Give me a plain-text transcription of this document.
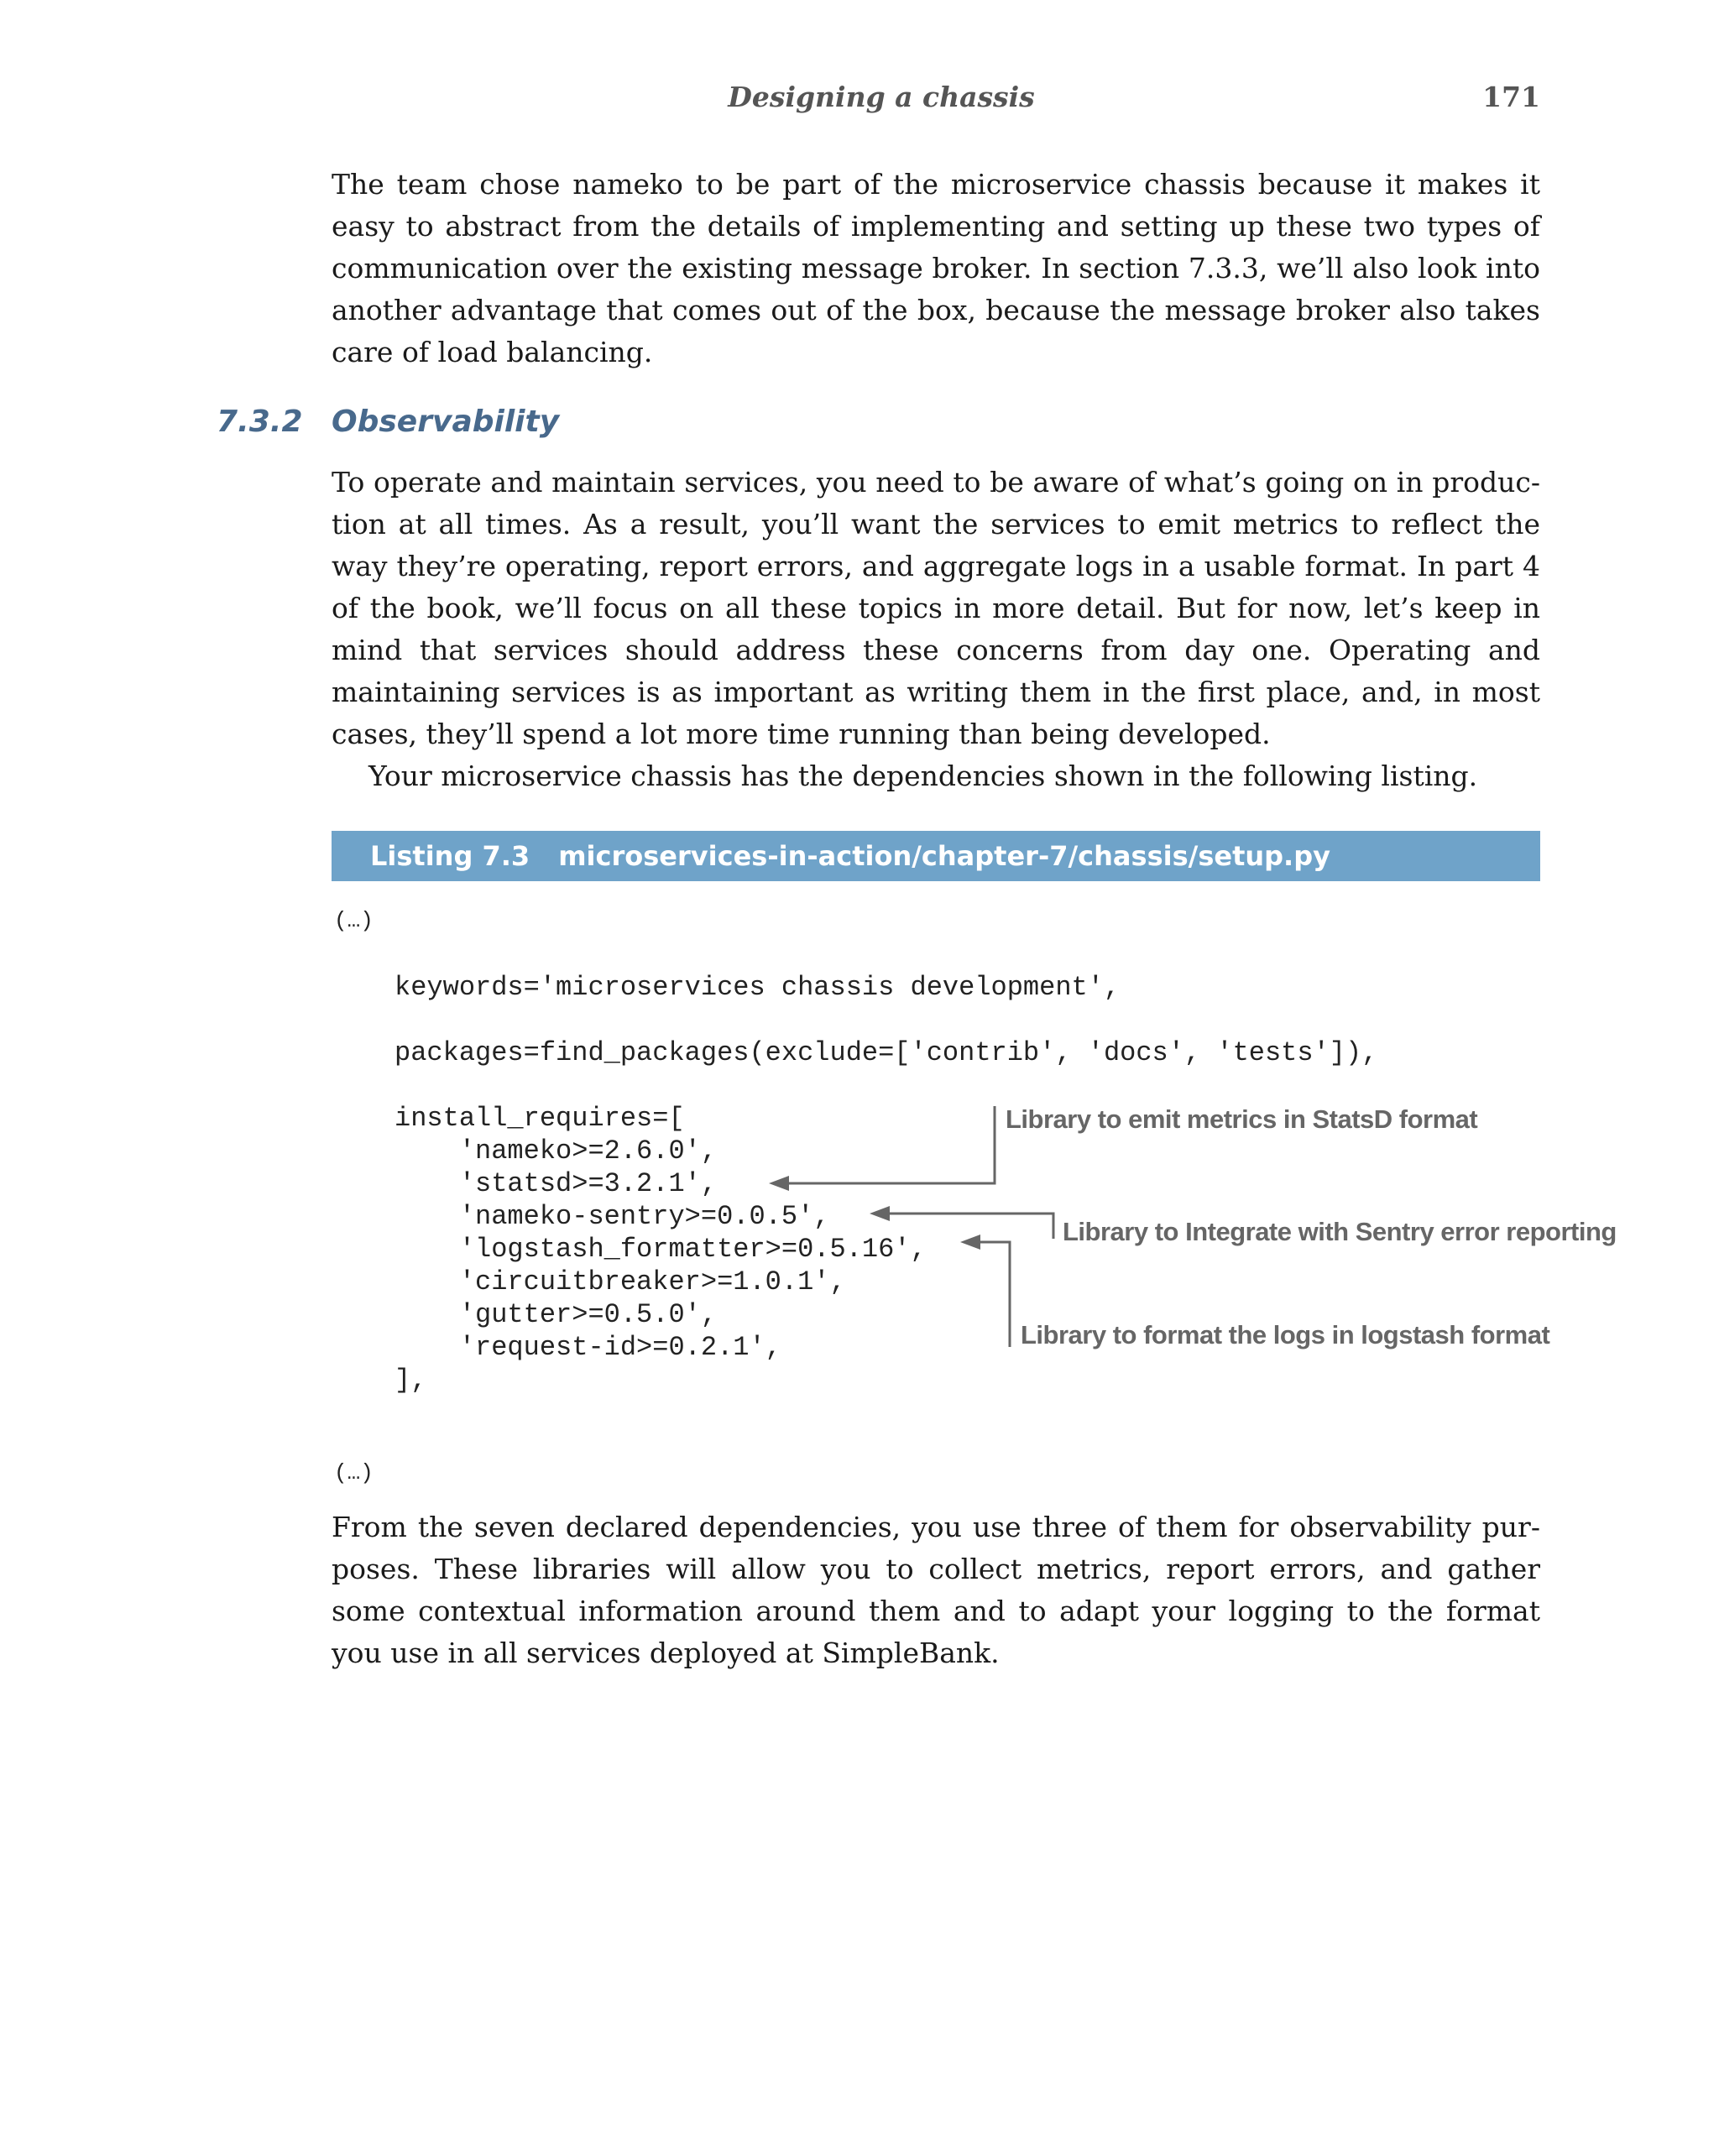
Designing a chassis	171

The team chose nameko to be part of the microservice chassis because it makes it easy to abstract from the details of implementing and setting up these two types of communication over the existing message broker. In section 7.3.3, we’ll also look into another advantage that comes out of the box, because the message broker also takes care of load balancing.

7.3.2 Observability

To operate and maintain services, you need to be aware of what’s going on in production at all times. As a result, you’ll want the services to emit metrics to reflect the way they’re operating, report errors, and aggregate logs in a usable format. In part 4 of the book, we’ll focus on all these topics in more detail. But for now, let’s keep in mind that services should address these concerns from day one. Operating and maintaining services is as important as writing them in the first place, and, in most cases, they’ll spend a lot more time running than being developed.

Your microservice chassis has the dependencies shown in the following listing.

Listing 7.3 microservices-in-action/chapter-7/chassis/setup.py
(…)
keywords='microservices chassis development',
packages=find_packages(exclude=['contrib', 'docs', 'tests']),
install_requires=[
'nameko>=2.6.0',
'statsd>=3.2.1',
'nameko-sentry>=0.0.5',
'logstash_formatter>=0.5.16',
'circuitbreaker>=1.0.1',
'gutter>=0.5.0',
'request-id>=0.2.1',
],
Library to emit metrics in StatsD format
Library to Integrate with Sentry error reporting
Library to format the logs in logstash format
(…)

From the seven declared dependencies, you use three of them for observability purposes. These libraries will allow you to collect metrics, report errors, and gather some contextual information around them and to adapt your logging to the format you use in all services deployed at SimpleBank.
